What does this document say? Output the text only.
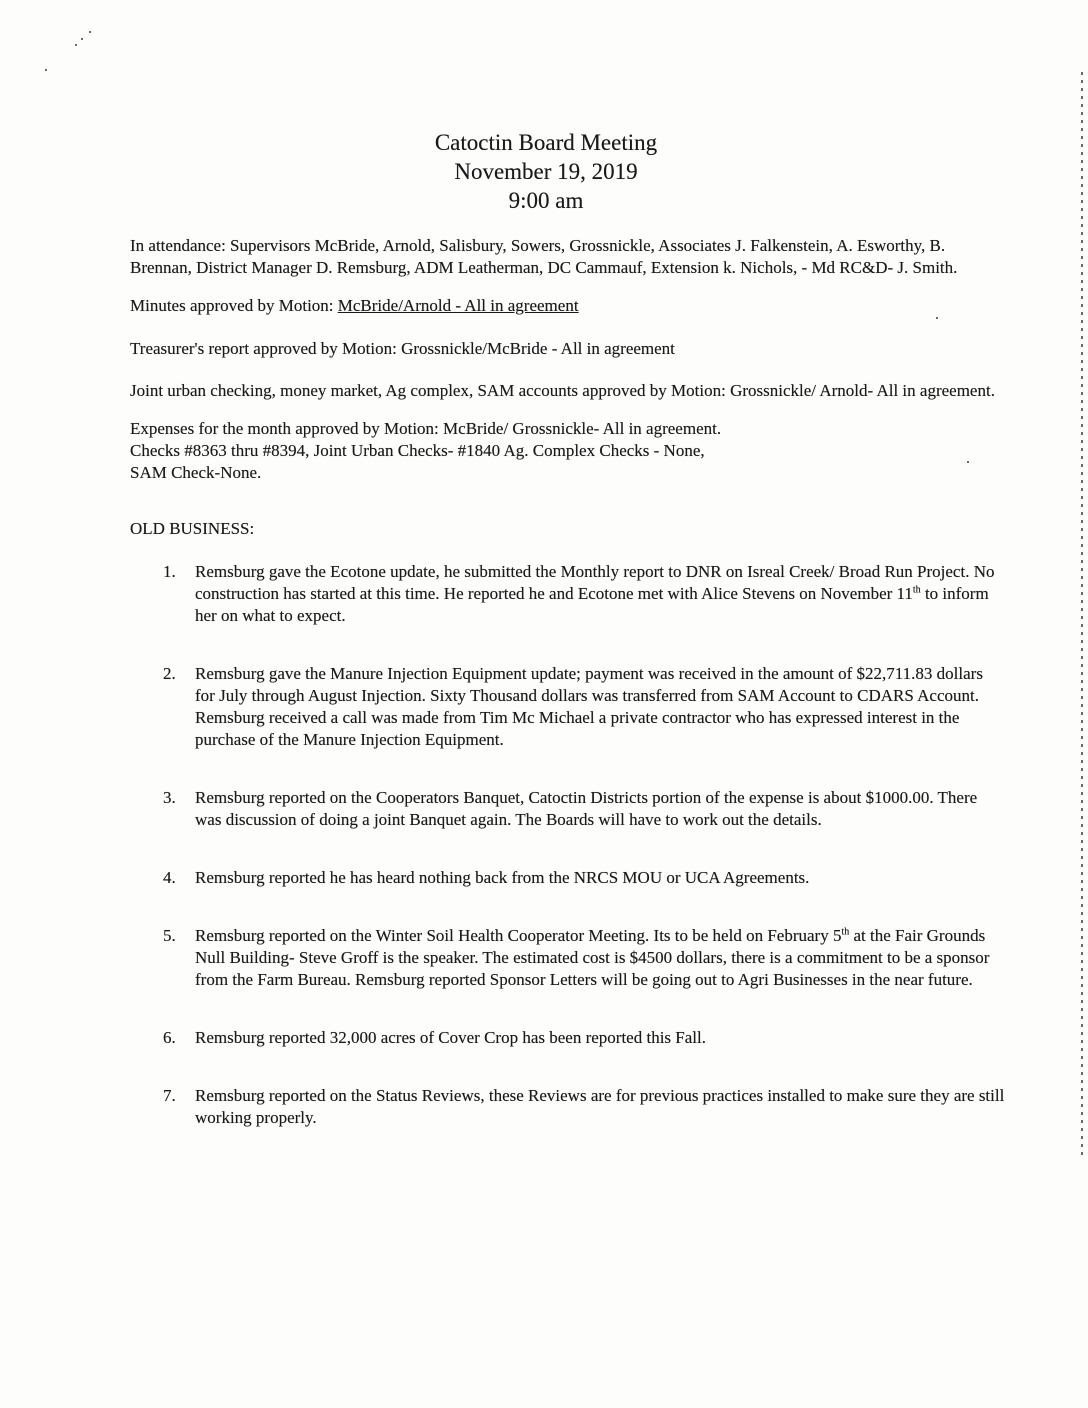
Catoctin Board Meeting
November 19, 2019
9:00 am

In attendance: Supervisors McBride, Arnold, Salisbury, Sowers, Grossnickle, Associates J. Falkenstein, A. Esworthy, B. Brennan, District Manager D. Remsburg, ADM Leatherman, DC Cammauf, Extension k. Nichols, - Md RC&D- J. Smith.

Minutes approved by Motion: McBride/Arnold - All in agreement

Treasurer's report approved by Motion: Grossnickle/McBride - All in agreement

Joint urban checking, money market, Ag complex, SAM accounts approved by Motion: Grossnickle/ Arnold- All in agreement.

Expenses for the month approved by Motion: McBride/ Grossnickle- All in agreement.
Checks #8363 thru #8394, Joint Urban Checks- #1840 Ag. Complex Checks - None,
SAM Check-None.

OLD BUSINESS:

1. Remsburg gave the Ecotone update, he submitted the Monthly report to DNR on Isreal Creek/ Broad Run Project. No construction has started at this time. He reported he and Ecotone met with Alice Stevens on November 11th to inform her on what to expect.

2. Remsburg gave the Manure Injection Equipment update; payment was received in the amount of $22,711.83 dollars for July through August Injection. Sixty Thousand dollars was transferred from SAM Account to CDARS Account. Remsburg received a call was made from Tim Mc Michael a private contractor who has expressed interest in the purchase of the Manure Injection Equipment.

3. Remsburg reported on the Cooperators Banquet, Catoctin Districts portion of the expense is about $1000.00. There was discussion of doing a joint Banquet again. The Boards will have to work out the details.

4. Remsburg reported he has heard nothing back from the NRCS MOU or UCA Agreements.

5. Remsburg reported on the Winter Soil Health Cooperator Meeting. Its to be held on February 5th at the Fair Grounds Null Building- Steve Groff is the speaker. The estimated cost is $4500 dollars, there is a commitment to be a sponsor from the Farm Bureau. Remsburg reported Sponsor Letters will be going out to Agri Businesses in the near future.

6. Remsburg reported 32,000 acres of Cover Crop has been reported this Fall.

7. Remsburg reported on the Status Reviews, these Reviews are for previous practices installed to make sure they are still working properly.
